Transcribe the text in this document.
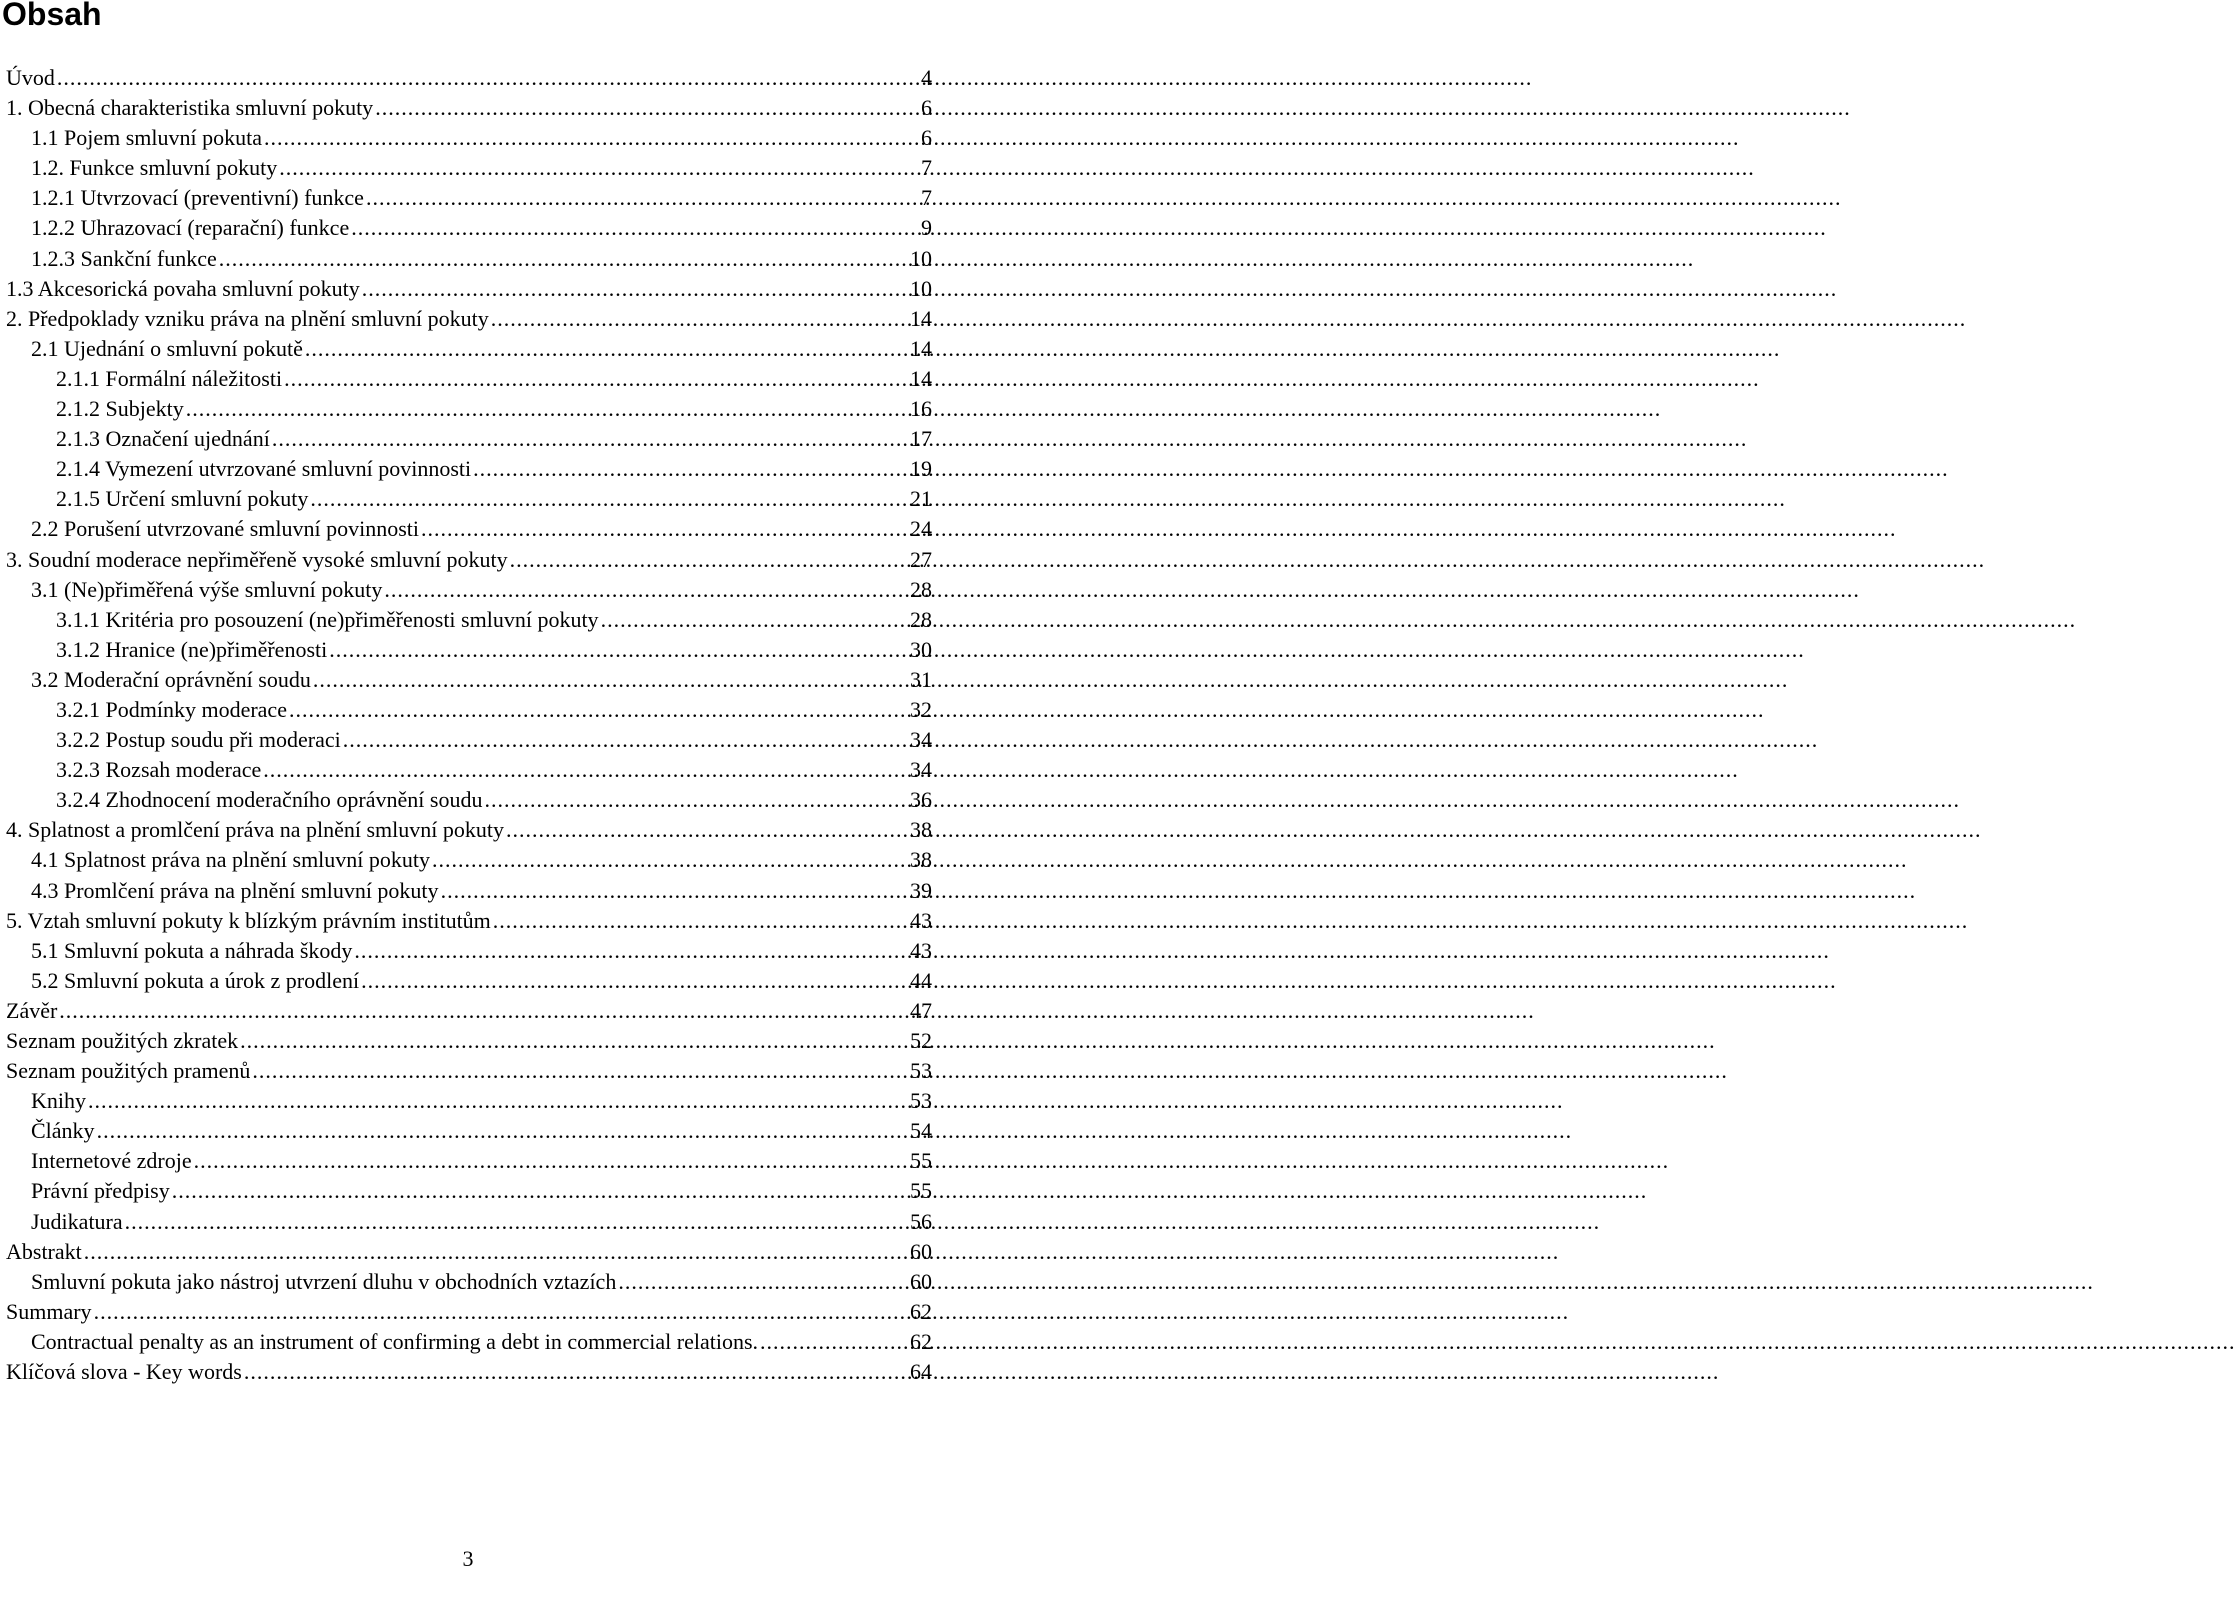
Obsah
Úvod .....	4
1. Obecná charakteristika smluvní pokuty .....	6
1.1 Pojem smluvní pokuta .....	6
1.2. Funkce smluvní pokuty .....	7
1.2.1 Utvrzovací (preventivní) funkce .....	7
1.2.2 Uhrazovací (reparační) funkce .....	9
1.2.3 Sankční funkce .....	10
1.3 Akcesorická povaha smluvní pokuty .....	10
2. Předpoklady vzniku práva na plnění smluvní pokuty .....	14
2.1 Ujednání o smluvní pokutě .....	14
2.1.1 Formální náležitosti .....	14
2.1.2 Subjekty .....	16
2.1.3 Označení ujednání .....	17
2.1.4 Vymezení utvrzované smluvní povinnosti .....	19
2.1.5 Určení smluvní pokuty .....	21
2.2 Porušení utvrzované smluvní povinnosti .....	24
3. Soudní moderace nepřiměřeně vysoké smluvní pokuty .....	27
3.1 (Ne)přiměřená výše smluvní pokuty .....	28
3.1.1 Kritéria pro posouzení (ne)přiměřenosti smluvní pokuty .....	28
3.1.2 Hranice (ne)přiměřenosti .....	30
3.2 Moderační oprávnění soudu .....	31
3.2.1 Podmínky moderace .....	32
3.2.2 Postup soudu při moderaci .....	34
3.2.3 Rozsah moderace .....	34
3.2.4 Zhodnocení moderačního oprávnění soudu .....	36
4. Splatnost a promlčení práva na plnění smluvní pokuty .....	38
4.1 Splatnost práva na plnění smluvní pokuty .....	38
4.3 Promlčení práva na plnění smluvní pokuty .....	39
5. Vztah smluvní pokuty k blízkým právním institutům .....	43
5.1 Smluvní pokuta a náhrada škody .....	43
5.2 Smluvní pokuta a úrok z prodlení .....	44
Závěr .....	47
Seznam použitých zkratek .....	52
Seznam použitých pramenů .....	53
Knihy .....	53
Články .....	54
Internetové zdroje .....	55
Právní předpisy .....	55
Judikatura .....	56
Abstrakt .....	60
Smluvní pokuta jako nástroj utvrzení dluhu v obchodních vztazích .....	60
Summary .....	62
Contractual penalty as an instrument of confirming a debt in commercial relations. .....	62
Klíčová slova - Key words .....	64
3
